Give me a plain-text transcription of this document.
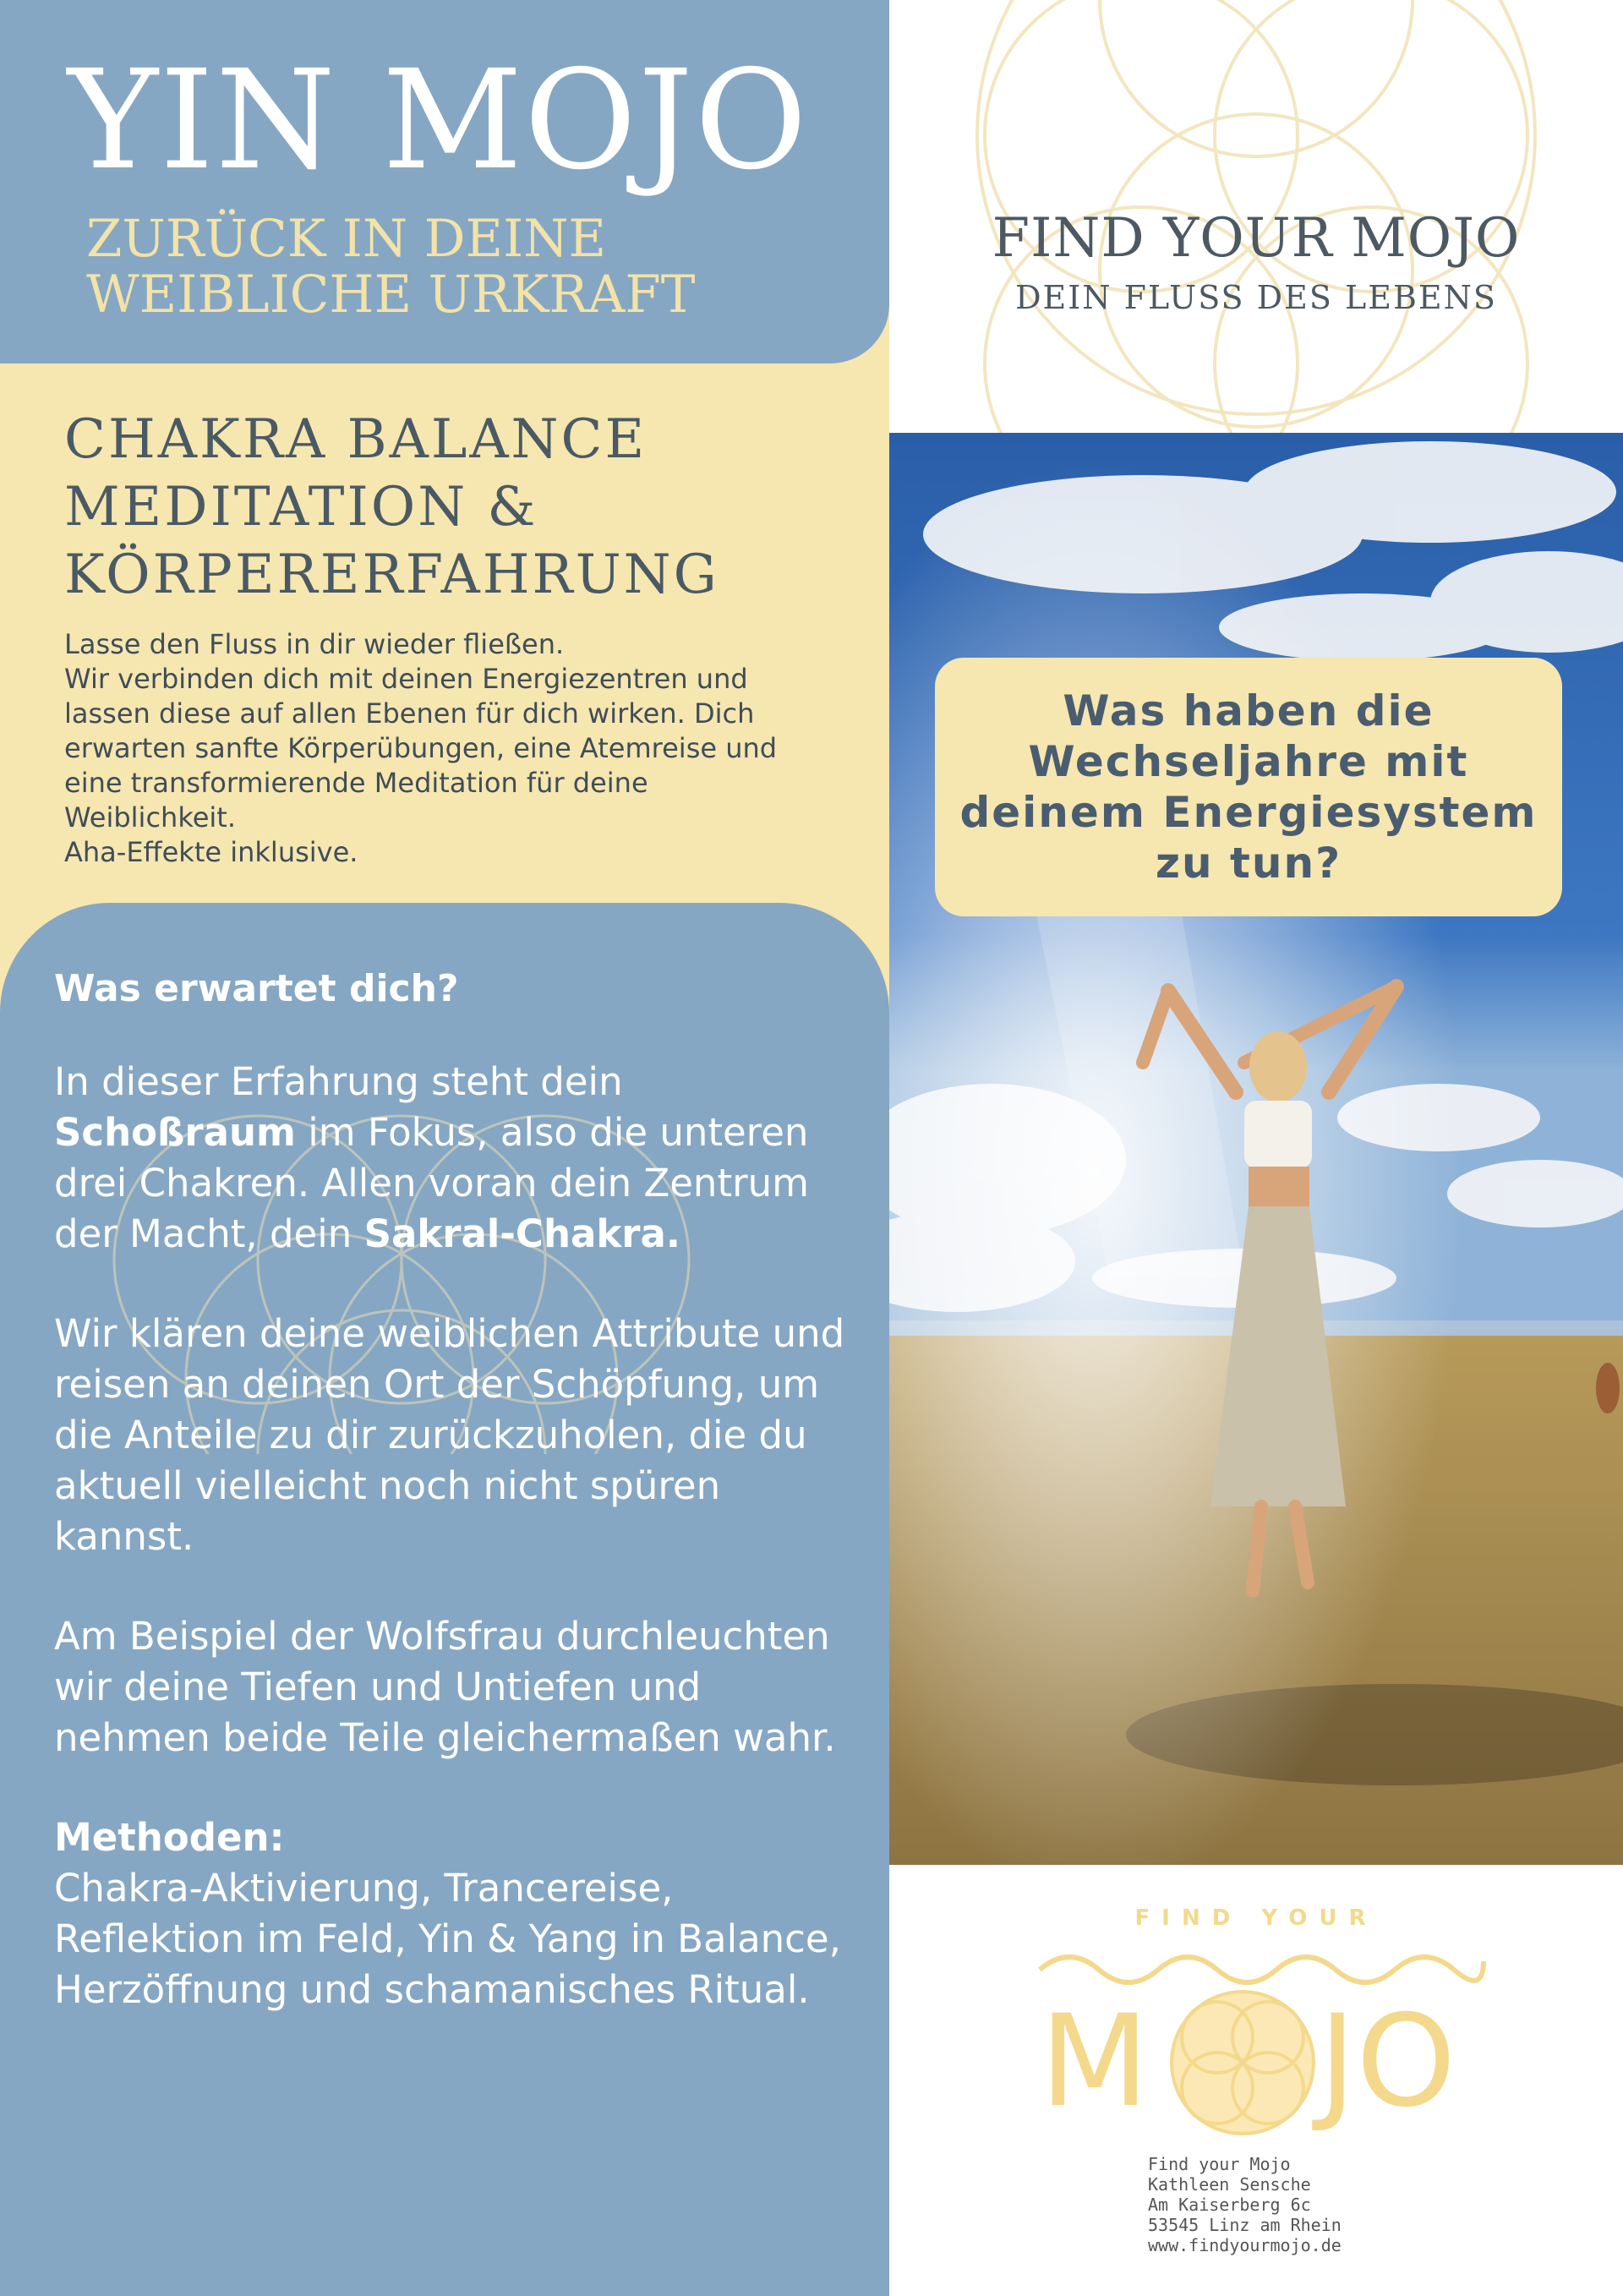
YIN MOJO
ZURÜCK IN DEINE
WEIBLICHE URKRAFT
CHAKRA BALANCE
MEDITATION &
KÖRPERERFAHRUNG
Lasse den Fluss in dir wieder fließen.
Wir verbinden dich mit deinen Energiezentren und
lassen diese auf allen Ebenen für dich wirken. Dich
erwarten sanfte Körperübungen, eine Atemreise und
eine transformierende Meditation für deine
Weiblichkeit.
Aha-Effekte inklusive.
Was erwartet dich?

In dieser Erfahrung steht dein Schoßraum im Fokus, also die unteren drei Chakren. Allen voran dein Zentrum der Macht, dein Sakral-Chakra.

Wir klären deine weiblichen Attribute und reisen an deinen Ort der Schöpfung, um die Anteile zu dir zurückzuholen, die du aktuell vielleicht noch nicht spüren kannst.

Am Beispiel der Wolfsfrau durchleuchten wir deine Tiefen und Untiefen und nehmen beide Teile gleichermaßen wahr.

Methoden:
Chakra-Aktivierung, Trancereise, Reflektion im Feld, Yin & Yang in Balance, Herzöffnung und schamanisches Ritual.
FIND YOUR MOJO
DEIN FLUSS DES LEBENS
Was haben die Wechseljahre mit deinem Energiesystem zu tun?
FIND YOUR
M JO
Find your Mojo
Kathleen Sensche
Am Kaiserberg 6c
53545 Linz am Rhein
www.findyourmojo.de
